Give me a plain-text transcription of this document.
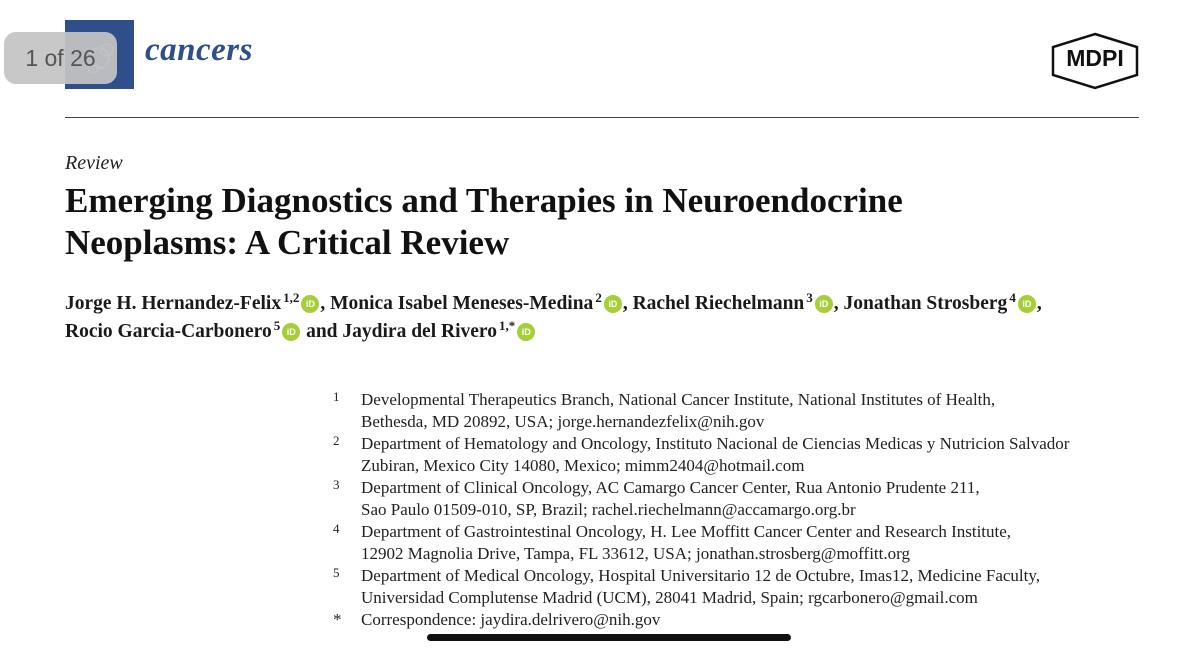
cancers
1 of 26	MDPI
Review
Emerging Diagnostics and Therapies in Neuroendocrine
Neoplasms: A Critical Review
Jorge H. Hernandez-Felix $^{1,2}$ iD , Monica Isabel Meneses-Medina $^2$ iD , Rachel Riechelmann $^3$ iD , Jonathan Strosberg $^4$ iD ,
Rocio Garcia-Carbonero $^5$ iD and Jaydira del Rivero $^{1,*}$ iD
1 Developmental Therapeutics Branch, National Cancer Institute, National Institutes of Health,
Bethesda, MD 20892, USA; jorge.hernandezfelix@nih.gov
2 Department of Hematology and Oncology, Instituto Nacional de Ciencias Medicas y Nutricion Salvador
Zubiran, Mexico City 14080, Mexico; mimm2404@hotmail.com
3 Department of Clinical Oncology, AC Camargo Cancer Center, Rua Antonio Prudente 211,
Sao Paulo 01509-010, SP, Brazil; rachel.riechelmann@accamargo.org.br
4 Department of Gastrointestinal Oncology, H. Lee Moffitt Cancer Center and Research Institute,
12902 Magnolia Drive, Tampa, FL 33612, USA; jonathan.strosberg@moffitt.org
5 Department of Medical Oncology, Hospital Universitario 12 de Octubre, Imas12, Medicine Faculty,
Universidad Complutense Madrid (UCM), 28041 Madrid, Spain; rgcarbonero@gmail.com
* Correspondence: jaydira.delrivero@nih.gov
